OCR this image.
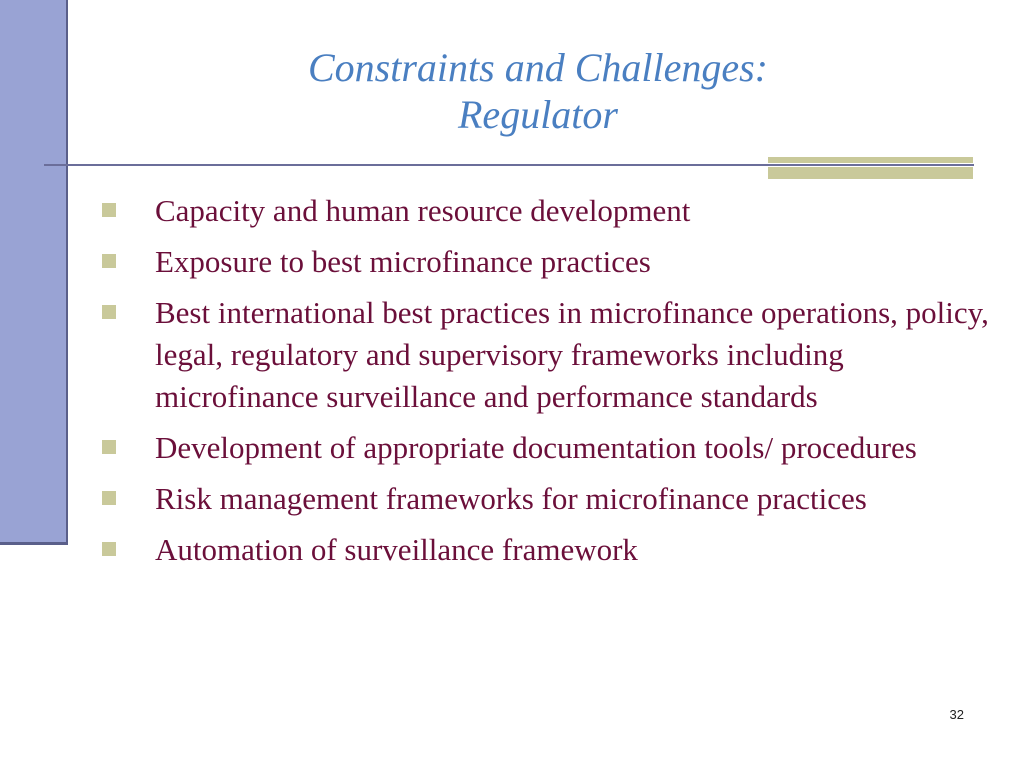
Constraints and Challenges:
Regulator
Capacity and human resource development
Exposure to best microfinance practices
Best international best practices in microfinance operations, policy, legal, regulatory and supervisory frameworks including microfinance surveillance and performance standards
Development of appropriate documentation tools/ procedures
Risk management frameworks for microfinance practices
Automation of surveillance framework
32
